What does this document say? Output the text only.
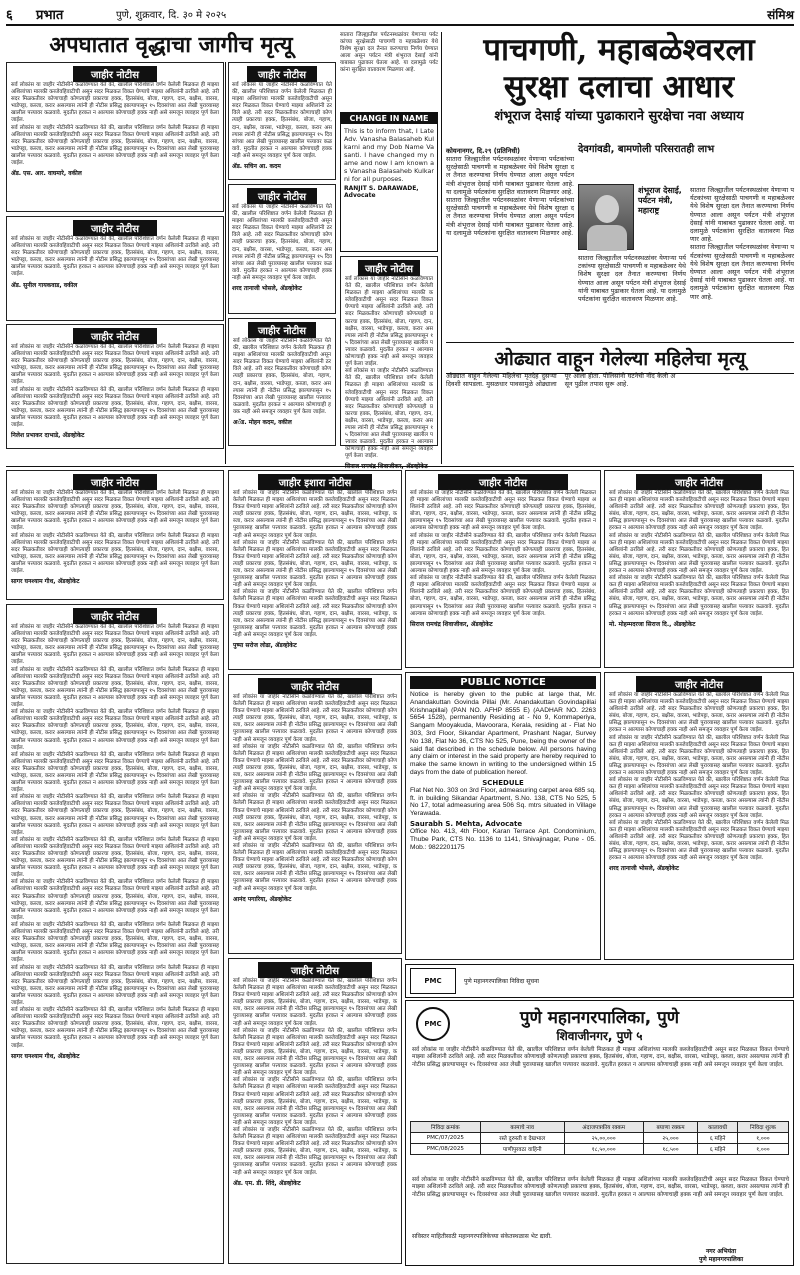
६	प्रभात	पुणे, शुक्रवार, दि. ३० मे २०२५	संमिश्र
अपघातात वृद्धाचा जागीच मृत्यू
जाहीर नोटीस
सर्व लोकांस या जाहीर नोटीसीने कळविण्यात येते की, खालील परिशिष्टात वर्णन केलेली मिळकत ही माझ्या अशिलांच्या मालकी कब्जेवहिवाटीची असून सदर मिळकत विकत घेण्याचे माझ्या अशिलांनी ठरविले आहे. तरी सदर मिळकतीवर कोणाचाही कोणत्याही प्रकारचा हक्क, हितसंबंध, बोजा, गहाण, दान, बक्षीस, वारसा, भाडेपट्टा, कब्जा, करार असल्यास त्यांनी ही नोटीस प्रसिद्ध झाल्यापासून १५ दिवसांच्या आत लेखी पुराव्यासह खालील पत्त्यावर कळवावे. मुदतीत हरकत न आल्यास कोणाचाही हक्क नाही असे समजून व्यवहार पूर्ण केला जाईल.
सर्व लोकांस या जाहीर नोटीसीने कळविण्यात येते की, खालील परिशिष्टात वर्णन केलेली मिळकत ही माझ्या अशिलांच्या मालकी कब्जेवहिवाटीची असून सदर मिळकत विकत घेण्याचे माझ्या अशिलांनी ठरविले आहे. तरी सदर मिळकतीवर कोणाचाही कोणत्याही प्रकारचा हक्क, हितसंबंध, बोजा, गहाण, दान, बक्षीस, वारसा, भाडेपट्टा, कब्जा, करार असल्यास त्यांनी ही नोटीस प्रसिद्ध झाल्यापासून १५ दिवसांच्या आत लेखी पुराव्यासह खालील पत्त्यावर कळवावे. मुदतीत हरकत न आल्यास कोणाचाही हक्क नाही असे समजून व्यवहार पूर्ण केला जाईल.
ॲड. एस. आर. वाघमारे, वकील
जाहीर नोटीस
सर्व लोकांस या जाहीर नोटीसीने कळविण्यात येते की, खालील परिशिष्टात वर्णन केलेली मिळकत ही माझ्या अशिलांच्या मालकी कब्जेवहिवाटीची असून सदर मिळकत विकत घेण्याचे माझ्या अशिलांनी ठरविले आहे. तरी सदर मिळकतीवर कोणाचाही कोणत्याही प्रकारचा हक्क, हितसंबंध, बोजा, गहाण, दान, बक्षीस, वारसा, भाडेपट्टा, कब्जा, करार असल्यास त्यांनी ही नोटीस प्रसिद्ध झाल्यापासून १५ दिवसांच्या आत लेखी पुराव्यासह खालील पत्त्यावर कळवावे. मुदतीत हरकत न आल्यास कोणाचाही हक्क नाही असे समजून व्यवहार पूर्ण केला जाईल.
ॲड. सुनील गायकवाड, वकील
जाहीर नोटीस
सर्व लोकांस या जाहीर नोटीसीने कळविण्यात येते की, खालील परिशिष्टात वर्णन केलेली मिळकत ही माझ्या अशिलांच्या मालकी कब्जेवहिवाटीची असून सदर मिळकत विकत घेण्याचे माझ्या अशिलांनी ठरविले आहे. तरी सदर मिळकतीवर कोणाचाही कोणत्याही प्रकारचा हक्क, हितसंबंध, बोजा, गहाण, दान, बक्षीस, वारसा, भाडेपट्टा, कब्जा, करार असल्यास त्यांनी ही नोटीस प्रसिद्ध झाल्यापासून १५ दिवसांच्या आत लेखी पुराव्यासह खालील पत्त्यावर कळवावे. मुदतीत हरकत न आल्यास कोणाचाही हक्क नाही असे समजून व्यवहार पूर्ण केला जाईल.
सर्व लोकांस या जाहीर नोटीसीने कळविण्यात येते की, खालील परिशिष्टात वर्णन केलेली मिळकत ही माझ्या अशिलांच्या मालकी कब्जेवहिवाटीची असून सदर मिळकत विकत घेण्याचे माझ्या अशिलांनी ठरविले आहे. तरी सदर मिळकतीवर कोणाचाही कोणत्याही प्रकारचा हक्क, हितसंबंध, बोजा, गहाण, दान, बक्षीस, वारसा, भाडेपट्टा, कब्जा, करार असल्यास त्यांनी ही नोटीस प्रसिद्ध झाल्यापासून १५ दिवसांच्या आत लेखी पुराव्यासह खालील पत्त्यावर कळवावे. मुदतीत हरकत न आल्यास कोणाचाही हक्क नाही असे समजून व्यवहार पूर्ण केला जाईल.
निलेश प्रभाकर दाभाडे, ॲडव्होकेट
जाहीर नोटीस
सर्व लोकांस या जाहीर नोटीसीने कळविण्यात येते की, खालील परिशिष्टात वर्णन केलेली मिळकत ही माझ्या अशिलांच्या मालकी कब्जेवहिवाटीची असून सदर मिळकत विकत घेण्याचे माझ्या अशिलांनी ठरविले आहे. तरी सदर मिळकतीवर कोणाचाही कोणत्याही प्रकारचा हक्क, हितसंबंध, बोजा, गहाण, दान, बक्षीस, वारसा, भाडेपट्टा, कब्जा, करार असल्यास त्यांनी ही नोटीस प्रसिद्ध झाल्यापासून १५ दिवसांच्या आत लेखी पुराव्यासह खालील पत्त्यावर कळवावे. मुदतीत हरकत न आल्यास कोणाचाही हक्क नाही असे समजून व्यवहार पूर्ण केला जाईल.
ॲड. सचिन आ. कदम
जाहीर नोटीस
सर्व लोकांस या जाहीर नोटीसीने कळविण्यात येते की, खालील परिशिष्टात वर्णन केलेली मिळकत ही माझ्या अशिलांच्या मालकी कब्जेवहिवाटीची असून सदर मिळकत विकत घेण्याचे माझ्या अशिलांनी ठरविले आहे. तरी सदर मिळकतीवर कोणाचाही कोणत्याही प्रकारचा हक्क, हितसंबंध, बोजा, गहाण, दान, बक्षीस, वारसा, भाडेपट्टा, कब्जा, करार असल्यास त्यांनी ही नोटीस प्रसिद्ध झाल्यापासून १५ दिवसांच्या आत लेखी पुराव्यासह खालील पत्त्यावर कळवावे. मुदतीत हरकत न आल्यास कोणाचाही हक्क नाही असे समजून व्यवहार पूर्ण केला जाईल.
शरद तानाजी भोसले, ॲडव्होकेट
सातारा जिल्ह्यातील पर्यटनस्थळांवर येणाऱ्या पर्यटकांच्या सुरक्षेसाठी पाचगणी व महाबळेश्वर येथे विशेष सुरक्षा दल तैनात करण्याचा निर्णय घेण्यात आला असून पर्यटन मंत्री शंभूराज देसाई यांनी याबाबत पुढाकार घेतला आहे. या दलामुळे पर्यटकांना सुरक्षित वातावरण मिळणार आहे.
CHANGE IN NAME
This is to inform that, I Late Adv. Vanasha Balasaheb Kulkarni and my Dob Name Vasanti. I have changed my name and now I am known as Vanasha Balasaheb Kulkarni for all purposes.
RANJIT S. DARAWADE, Advocate
जाहीर नोटीस
सर्व लोकांस या जाहीर नोटीसीने कळविण्यात येते की, खालील परिशिष्टात वर्णन केलेली मिळकत ही माझ्या अशिलांच्या मालकी कब्जेवहिवाटीची असून सदर मिळकत विकत घेण्याचे माझ्या अशिलांनी ठरविले आहे. तरी सदर मिळकतीवर कोणाचाही कोणत्याही प्रकारचा हक्क, हितसंबंध, बोजा, गहाण, दान, बक्षीस, वारसा, भाडेपट्टा, कब्जा, करार असल्यास त्यांनी ही नोटीस प्रसिद्ध झाल्यापासून १५ दिवसांच्या आत लेखी पुराव्यासह खालील पत्त्यावर कळवावे. मुदतीत हरकत न आल्यास कोणाचाही हक्क नाही असे समजून व्यवहार पूर्ण केला जाईल.
सर्व लोकांस या जाहीर नोटीसीने कळविण्यात येते की, खालील परिशिष्टात वर्णन केलेली मिळकत ही माझ्या अशिलांच्या मालकी कब्जेवहिवाटीची असून सदर मिळकत विकत घेण्याचे माझ्या अशिलांनी ठरविले आहे. तरी सदर मिळकतीवर कोणाचाही कोणत्याही प्रकारचा हक्क, हितसंबंध, बोजा, गहाण, दान, बक्षीस, वारसा, भाडेपट्टा, कब्जा, करार असल्यास त्यांनी ही नोटीस प्रसिद्ध झाल्यापासून १५ दिवसांच्या आत लेखी पुराव्यासह खालील पत्त्यावर कळवावे. मुदतीत हरकत न आल्यास कोणाचाही हक्क नाही असे समजून व्यवहार पूर्ण केला जाईल.
जाहीर नोटीस
सर्व लोकांस या जाहीर नोटीसीने कळविण्यात येते की, खालील परिशिष्टात वर्णन केलेली मिळकत ही माझ्या अशिलांच्या मालकी कब्जेवहिवाटीची असून सदर मिळकत विकत घेण्याचे माझ्या अशिलांनी ठरविले आहे. तरी सदर मिळकतीवर कोणाचाही कोणत्याही प्रकारचा हक्क, हितसंबंध, बोजा, गहाण, दान, बक्षीस, वारसा, भाडेपट्टा, कब्जा, करार असल्यास त्यांनी ही नोटीस प्रसिद्ध झाल्यापासून १५ दिवसांच्या आत लेखी पुराव्यासह खालील पत्त्यावर कळवावे. मुदतीत हरकत न आल्यास कोणाचाही हक्क नाही असे समजून व्यवहार पूर्ण केला जाईल.
अॅड. मोहन कदम, वकील
पाचगणी, महाबळेश्वरला
सुरक्षा दलाचा आधार
शंभूराज देसाई यांच्या पुढाकाराने सुरक्षेचा नवा अध्याय
कोयनानगर, दि.२९ (प्रतिनिधी)
सातारा जिल्ह्यातील पर्यटनस्थळांवर येणाऱ्या पर्यटकांच्या सुरक्षेसाठी पाचगणी व महाबळेश्वर येथे विशेष सुरक्षा दल तैनात करण्याचा निर्णय घेण्यात आला असून पर्यटन मंत्री शंभूराज देसाई यांनी याबाबत पुढाकार घेतला आहे. या दलामुळे पर्यटकांना सुरक्षित वातावरण मिळणार आहे.
सातारा जिल्ह्यातील पर्यटनस्थळांवर येणाऱ्या पर्यटकांच्या सुरक्षेसाठी पाचगणी व महाबळेश्वर येथे विशेष सुरक्षा दल तैनात करण्याचा निर्णय घेण्यात आला असून पर्यटन मंत्री शंभूराज देसाई यांनी याबाबत पुढाकार घेतला आहे. या दलामुळे पर्यटकांना सुरक्षित वातावरण मिळणार आहे.
देवगांवडी, बामणोली परिसरातही लाभ
शंभूराज देसाई, पर्यटन मंत्री, महाराष्ट्र
सातारा जिल्ह्यातील पर्यटनस्थळांवर येणाऱ्या पर्यटकांच्या सुरक्षेसाठी पाचगणी व महाबळेश्वर येथे विशेष सुरक्षा दल तैनात करण्याचा निर्णय घेण्यात आला असून पर्यटन मंत्री शंभूराज देसाई यांनी याबाबत पुढाकार घेतला आहे. या दलामुळे पर्यटकांना सुरक्षित वातावरण मिळणार आहे.
सातारा जिल्ह्यातील पर्यटनस्थळांवर येणाऱ्या पर्यटकांच्या सुरक्षेसाठी पाचगणी व महाबळेश्वर येथे विशेष सुरक्षा दल तैनात करण्याचा निर्णय घेण्यात आला असून पर्यटन मंत्री शंभूराज देसाई यांनी याबाबत पुढाकार घेतला आहे. या दलामुळे पर्यटकांना सुरक्षित वातावरण मिळणार आहे.
सातारा जिल्ह्यातील पर्यटनस्थळांवर येणाऱ्या पर्यटकांच्या सुरक्षेसाठी पाचगणी व महाबळेश्वर येथे विशेष सुरक्षा दल तैनात करण्याचा निर्णय घेण्यात आला असून पर्यटन मंत्री शंभूराज देसाई यांनी याबाबत पुढाकार घेतला आहे. या दलामुळे पर्यटकांना सुरक्षित वातावरण मिळणार आहे.
ओढ्यात वाहून गेलेल्या महिलेचा मृत्यू
ओढ्यात वाहून गेलेल्या महिलेचा मृतदेह दुसऱ्या दिवशी सापडला. मुसळधार पावसामुळे ओढ्याला पूर आला होता. पोलिसांनी घटनेची नोंद केली असून पुढील तपास सुरू आहे.
जाहीर नोटीस
सर्व लोकांस या जाहीर नोटीसीने कळविण्यात येते की, खालील परिशिष्टात वर्णन केलेली मिळकत ही माझ्या अशिलांच्या मालकी कब्जेवहिवाटीची असून सदर मिळकत विकत घेण्याचे माझ्या अशिलांनी ठरविले आहे. तरी सदर मिळकतीवर कोणाचाही कोणत्याही प्रकारचा हक्क, हितसंबंध, बोजा, गहाण, दान, बक्षीस, वारसा, भाडेपट्टा, कब्जा, करार असल्यास त्यांनी ही नोटीस प्रसिद्ध झाल्यापासून १५ दिवसांच्या आत लेखी पुराव्यासह खालील पत्त्यावर कळवावे. मुदतीत हरकत न आल्यास कोणाचाही हक्क नाही असे समजून व्यवहार पूर्ण केला जाईल.
सर्व लोकांस या जाहीर नोटीसीने कळविण्यात येते की, खालील परिशिष्टात वर्णन केलेली मिळकत ही माझ्या अशिलांच्या मालकी कब्जेवहिवाटीची असून सदर मिळकत विकत घेण्याचे माझ्या अशिलांनी ठरविले आहे. तरी सदर मिळकतीवर कोणाचाही कोणत्याही प्रकारचा हक्क, हितसंबंध, बोजा, गहाण, दान, बक्षीस, वारसा, भाडेपट्टा, कब्जा, करार असल्यास त्यांनी ही नोटीस प्रसिद्ध झाल्यापासून १५ दिवसांच्या आत लेखी पुराव्यासह खालील पत्त्यावर कळवावे. मुदतीत हरकत न आल्यास कोणाचाही हक्क नाही असे समजून व्यवहार पूर्ण केला जाईल.
सागर घनश्याम गीध, ॲडव्होकेट
जाहीर नोटीस
सर्व लोकांस या जाहीर नोटीसीने कळविण्यात येते की, खालील परिशिष्टात वर्णन केलेली मिळकत ही माझ्या अशिलांच्या मालकी कब्जेवहिवाटीची असून सदर मिळकत विकत घेण्याचे माझ्या अशिलांनी ठरविले आहे. तरी सदर मिळकतीवर कोणाचाही कोणत्याही प्रकारचा हक्क, हितसंबंध, बोजा, गहाण, दान, बक्षीस, वारसा, भाडेपट्टा, कब्जा, करार असल्यास त्यांनी ही नोटीस प्रसिद्ध झाल्यापासून १५ दिवसांच्या आत लेखी पुराव्यासह खालील पत्त्यावर कळवावे. मुदतीत हरकत न आल्यास कोणाचाही हक्क नाही असे समजून व्यवहार पूर्ण केला जाईल.
सर्व लोकांस या जाहीर नोटीसीने कळविण्यात येते की, खालील परिशिष्टात वर्णन केलेली मिळकत ही माझ्या अशिलांच्या मालकी कब्जेवहिवाटीची असून सदर मिळकत विकत घेण्याचे माझ्या अशिलांनी ठरविले आहे. तरी सदर मिळकतीवर कोणाचाही कोणत्याही प्रकारचा हक्क, हितसंबंध, बोजा, गहाण, दान, बक्षीस, वारसा, भाडेपट्टा, कब्जा, करार असल्यास त्यांनी ही नोटीस प्रसिद्ध झाल्यापासून १५ दिवसांच्या आत लेखी पुराव्यासह खालील पत्त्यावर कळवावे. मुदतीत हरकत न आल्यास कोणाचाही हक्क नाही असे समजून व्यवहार पूर्ण केला जाईल.
सर्व लोकांस या जाहीर नोटीसीने कळविण्यात येते की, खालील परिशिष्टात वर्णन केलेली मिळकत ही माझ्या अशिलांच्या मालकी कब्जेवहिवाटीची असून सदर मिळकत विकत घेण्याचे माझ्या अशिलांनी ठरविले आहे. तरी सदर मिळकतीवर कोणाचाही कोणत्याही प्रकारचा हक्क, हितसंबंध, बोजा, गहाण, दान, बक्षीस, वारसा, भाडेपट्टा, कब्जा, करार असल्यास त्यांनी ही नोटीस प्रसिद्ध झाल्यापासून १५ दिवसांच्या आत लेखी पुराव्यासह खालील पत्त्यावर कळवावे. मुदतीत हरकत न आल्यास कोणाचाही हक्क नाही असे समजून व्यवहार पूर्ण केला जाईल.
सर्व लोकांस या जाहीर नोटीसीने कळविण्यात येते की, खालील परिशिष्टात वर्णन केलेली मिळकत ही माझ्या अशिलांच्या मालकी कब्जेवहिवाटीची असून सदर मिळकत विकत घेण्याचे माझ्या अशिलांनी ठरविले आहे. तरी सदर मिळकतीवर कोणाचाही कोणत्याही प्रकारचा हक्क, हितसंबंध, बोजा, गहाण, दान, बक्षीस, वारसा, भाडेपट्टा, कब्जा, करार असल्यास त्यांनी ही नोटीस प्रसिद्ध झाल्यापासून १५ दिवसांच्या आत लेखी पुराव्यासह खालील पत्त्यावर कळवावे. मुदतीत हरकत न आल्यास कोणाचाही हक्क नाही असे समजून व्यवहार पूर्ण केला जाईल.
सर्व लोकांस या जाहीर नोटीसीने कळविण्यात येते की, खालील परिशिष्टात वर्णन केलेली मिळकत ही माझ्या अशिलांच्या मालकी कब्जेवहिवाटीची असून सदर मिळकत विकत घेण्याचे माझ्या अशिलांनी ठरविले आहे. तरी सदर मिळकतीवर कोणाचाही कोणत्याही प्रकारचा हक्क, हितसंबंध, बोजा, गहाण, दान, बक्षीस, वारसा, भाडेपट्टा, कब्जा, करार असल्यास त्यांनी ही नोटीस प्रसिद्ध झाल्यापासून १५ दिवसांच्या आत लेखी पुराव्यासह खालील पत्त्यावर कळवावे. मुदतीत हरकत न आल्यास कोणाचाही हक्क नाही असे समजून व्यवहार पूर्ण केला जाईल.
सर्व लोकांस या जाहीर नोटीसीने कळविण्यात येते की, खालील परिशिष्टात वर्णन केलेली मिळकत ही माझ्या अशिलांच्या मालकी कब्जेवहिवाटीची असून सदर मिळकत विकत घेण्याचे माझ्या अशिलांनी ठरविले आहे. तरी सदर मिळकतीवर कोणाचाही कोणत्याही प्रकारचा हक्क, हितसंबंध, बोजा, गहाण, दान, बक्षीस, वारसा, भाडेपट्टा, कब्जा, करार असल्यास त्यांनी ही नोटीस प्रसिद्ध झाल्यापासून १५ दिवसांच्या आत लेखी पुराव्यासह खालील पत्त्यावर कळवावे. मुदतीत हरकत न आल्यास कोणाचाही हक्क नाही असे समजून व्यवहार पूर्ण केला जाईल.
सर्व लोकांस या जाहीर नोटीसीने कळविण्यात येते की, खालील परिशिष्टात वर्णन केलेली मिळकत ही माझ्या अशिलांच्या मालकी कब्जेवहिवाटीची असून सदर मिळकत विकत घेण्याचे माझ्या अशिलांनी ठरविले आहे. तरी सदर मिळकतीवर कोणाचाही कोणत्याही प्रकारचा हक्क, हितसंबंध, बोजा, गहाण, दान, बक्षीस, वारसा, भाडेपट्टा, कब्जा, करार असल्यास त्यांनी ही नोटीस प्रसिद्ध झाल्यापासून १५ दिवसांच्या आत लेखी पुराव्यासह खालील पत्त्यावर कळवावे. मुदतीत हरकत न आल्यास कोणाचाही हक्क नाही असे समजून व्यवहार पूर्ण केला जाईल.
सर्व लोकांस या जाहीर नोटीसीने कळविण्यात येते की, खालील परिशिष्टात वर्णन केलेली मिळकत ही माझ्या अशिलांच्या मालकी कब्जेवहिवाटीची असून सदर मिळकत विकत घेण्याचे माझ्या अशिलांनी ठरविले आहे. तरी सदर मिळकतीवर कोणाचाही कोणत्याही प्रकारचा हक्क, हितसंबंध, बोजा, गहाण, दान, बक्षीस, वारसा, भाडेपट्टा, कब्जा, करार असल्यास त्यांनी ही नोटीस प्रसिद्ध झाल्यापासून १५ दिवसांच्या आत लेखी पुराव्यासह खालील पत्त्यावर कळवावे. मुदतीत हरकत न आल्यास कोणाचाही हक्क नाही असे समजून व्यवहार पूर्ण केला जाईल.
सर्व लोकांस या जाहीर नोटीसीने कळविण्यात येते की, खालील परिशिष्टात वर्णन केलेली मिळकत ही माझ्या अशिलांच्या मालकी कब्जेवहिवाटीची असून सदर मिळकत विकत घेण्याचे माझ्या अशिलांनी ठरविले आहे. तरी सदर मिळकतीवर कोणाचाही कोणत्याही प्रकारचा हक्क, हितसंबंध, बोजा, गहाण, दान, बक्षीस, वारसा, भाडेपट्टा, कब्जा, करार असल्यास त्यांनी ही नोटीस प्रसिद्ध झाल्यापासून १५ दिवसांच्या आत लेखी पुराव्यासह खालील पत्त्यावर कळवावे. मुदतीत हरकत न आल्यास कोणाचाही हक्क नाही असे समजून व्यवहार पूर्ण केला जाईल.
सर्व लोकांस या जाहीर नोटीसीने कळविण्यात येते की, खालील परिशिष्टात वर्णन केलेली मिळकत ही माझ्या अशिलांच्या मालकी कब्जेवहिवाटीची असून सदर मिळकत विकत घेण्याचे माझ्या अशिलांनी ठरविले आहे. तरी सदर मिळकतीवर कोणाचाही कोणत्याही प्रकारचा हक्क, हितसंबंध, बोजा, गहाण, दान, बक्षीस, वारसा, भाडेपट्टा, कब्जा, करार असल्यास त्यांनी ही नोटीस प्रसिद्ध झाल्यापासून १५ दिवसांच्या आत लेखी पुराव्यासह खालील पत्त्यावर कळवावे. मुदतीत हरकत न आल्यास कोणाचाही हक्क नाही असे समजून व्यवहार पूर्ण केला जाईल.
सागर घनश्याम गीध, ॲडव्होकेट
जाहीर इशारा नोटीस
सर्व लोकांस या जाहीर नोटीसीने कळविण्यात येते की, खालील परिशिष्टात वर्णन केलेली मिळकत ही माझ्या अशिलांच्या मालकी कब्जेवहिवाटीची असून सदर मिळकत विकत घेण्याचे माझ्या अशिलांनी ठरविले आहे. तरी सदर मिळकतीवर कोणाचाही कोणत्याही प्रकारचा हक्क, हितसंबंध, बोजा, गहाण, दान, बक्षीस, वारसा, भाडेपट्टा, कब्जा, करार असल्यास त्यांनी ही नोटीस प्रसिद्ध झाल्यापासून १५ दिवसांच्या आत लेखी पुराव्यासह खालील पत्त्यावर कळवावे. मुदतीत हरकत न आल्यास कोणाचाही हक्क नाही असे समजून व्यवहार पूर्ण केला जाईल.
सर्व लोकांस या जाहीर नोटीसीने कळविण्यात येते की, खालील परिशिष्टात वर्णन केलेली मिळकत ही माझ्या अशिलांच्या मालकी कब्जेवहिवाटीची असून सदर मिळकत विकत घेण्याचे माझ्या अशिलांनी ठरविले आहे. तरी सदर मिळकतीवर कोणाचाही कोणत्याही प्रकारचा हक्क, हितसंबंध, बोजा, गहाण, दान, बक्षीस, वारसा, भाडेपट्टा, कब्जा, करार असल्यास त्यांनी ही नोटीस प्रसिद्ध झाल्यापासून १५ दिवसांच्या आत लेखी पुराव्यासह खालील पत्त्यावर कळवावे. मुदतीत हरकत न आल्यास कोणाचाही हक्क नाही असे समजून व्यवहार पूर्ण केला जाईल.
सर्व लोकांस या जाहीर नोटीसीने कळविण्यात येते की, खालील परिशिष्टात वर्णन केलेली मिळकत ही माझ्या अशिलांच्या मालकी कब्जेवहिवाटीची असून सदर मिळकत विकत घेण्याचे माझ्या अशिलांनी ठरविले आहे. तरी सदर मिळकतीवर कोणाचाही कोणत्याही प्रकारचा हक्क, हितसंबंध, बोजा, गहाण, दान, बक्षीस, वारसा, भाडेपट्टा, कब्जा, करार असल्यास त्यांनी ही नोटीस प्रसिद्ध झाल्यापासून १५ दिवसांच्या आत लेखी पुराव्यासह खालील पत्त्यावर कळवावे. मुदतीत हरकत न आल्यास कोणाचाही हक्क नाही असे समजून व्यवहार पूर्ण केला जाईल.
पुष्पा सरोज लोढा, ॲडव्होकेट
जाहीर नोटीस
सर्व लोकांस या जाहीर नोटीसीने कळविण्यात येते की, खालील परिशिष्टात वर्णन केलेली मिळकत ही माझ्या अशिलांच्या मालकी कब्जेवहिवाटीची असून सदर मिळकत विकत घेण्याचे माझ्या अशिलांनी ठरविले आहे. तरी सदर मिळकतीवर कोणाचाही कोणत्याही प्रकारचा हक्क, हितसंबंध, बोजा, गहाण, दान, बक्षीस, वारसा, भाडेपट्टा, कब्जा, करार असल्यास त्यांनी ही नोटीस प्रसिद्ध झाल्यापासून १५ दिवसांच्या आत लेखी पुराव्यासह खालील पत्त्यावर कळवावे. मुदतीत हरकत न आल्यास कोणाचाही हक्क नाही असे समजून व्यवहार पूर्ण केला जाईल.
सर्व लोकांस या जाहीर नोटीसीने कळविण्यात येते की, खालील परिशिष्टात वर्णन केलेली मिळकत ही माझ्या अशिलांच्या मालकी कब्जेवहिवाटीची असून सदर मिळकत विकत घेण्याचे माझ्या अशिलांनी ठरविले आहे. तरी सदर मिळकतीवर कोणाचाही कोणत्याही प्रकारचा हक्क, हितसंबंध, बोजा, गहाण, दान, बक्षीस, वारसा, भाडेपट्टा, कब्जा, करार असल्यास त्यांनी ही नोटीस प्रसिद्ध झाल्यापासून १५ दिवसांच्या आत लेखी पुराव्यासह खालील पत्त्यावर कळवावे. मुदतीत हरकत न आल्यास कोणाचाही हक्क नाही असे समजून व्यवहार पूर्ण केला जाईल.
सर्व लोकांस या जाहीर नोटीसीने कळविण्यात येते की, खालील परिशिष्टात वर्णन केलेली मिळकत ही माझ्या अशिलांच्या मालकी कब्जेवहिवाटीची असून सदर मिळकत विकत घेण्याचे माझ्या अशिलांनी ठरविले आहे. तरी सदर मिळकतीवर कोणाचाही कोणत्याही प्रकारचा हक्क, हितसंबंध, बोजा, गहाण, दान, बक्षीस, वारसा, भाडेपट्टा, कब्जा, करार असल्यास त्यांनी ही नोटीस प्रसिद्ध झाल्यापासून १५ दिवसांच्या आत लेखी पुराव्यासह खालील पत्त्यावर कळवावे. मुदतीत हरकत न आल्यास कोणाचाही हक्क नाही असे समजून व्यवहार पूर्ण केला जाईल.
सर्व लोकांस या जाहीर नोटीसीने कळविण्यात येते की, खालील परिशिष्टात वर्णन केलेली मिळकत ही माझ्या अशिलांच्या मालकी कब्जेवहिवाटीची असून सदर मिळकत विकत घेण्याचे माझ्या अशिलांनी ठरविले आहे. तरी सदर मिळकतीवर कोणाचाही कोणत्याही प्रकारचा हक्क, हितसंबंध, बोजा, गहाण, दान, बक्षीस, वारसा, भाडेपट्टा, कब्जा, करार असल्यास त्यांनी ही नोटीस प्रसिद्ध झाल्यापासून १५ दिवसांच्या आत लेखी पुराव्यासह खालील पत्त्यावर कळवावे. मुदतीत हरकत न आल्यास कोणाचाही हक्क नाही असे समजून व्यवहार पूर्ण केला जाईल.
आनंद पगारिया, ॲडव्होकेट
जाहीर नोटीस
सर्व लोकांस या जाहीर नोटीसीने कळविण्यात येते की, खालील परिशिष्टात वर्णन केलेली मिळकत ही माझ्या अशिलांच्या मालकी कब्जेवहिवाटीची असून सदर मिळकत विकत घेण्याचे माझ्या अशिलांनी ठरविले आहे. तरी सदर मिळकतीवर कोणाचाही कोणत्याही प्रकारचा हक्क, हितसंबंध, बोजा, गहाण, दान, बक्षीस, वारसा, भाडेपट्टा, कब्जा, करार असल्यास त्यांनी ही नोटीस प्रसिद्ध झाल्यापासून १५ दिवसांच्या आत लेखी पुराव्यासह खालील पत्त्यावर कळवावे. मुदतीत हरकत न आल्यास कोणाचाही हक्क नाही असे समजून व्यवहार पूर्ण केला जाईल.
सर्व लोकांस या जाहीर नोटीसीने कळविण्यात येते की, खालील परिशिष्टात वर्णन केलेली मिळकत ही माझ्या अशिलांच्या मालकी कब्जेवहिवाटीची असून सदर मिळकत विकत घेण्याचे माझ्या अशिलांनी ठरविले आहे. तरी सदर मिळकतीवर कोणाचाही कोणत्याही प्रकारचा हक्क, हितसंबंध, बोजा, गहाण, दान, बक्षीस, वारसा, भाडेपट्टा, कब्जा, करार असल्यास त्यांनी ही नोटीस प्रसिद्ध झाल्यापासून १५ दिवसांच्या आत लेखी पुराव्यासह खालील पत्त्यावर कळवावे. मुदतीत हरकत न आल्यास कोणाचाही हक्क नाही असे समजून व्यवहार पूर्ण केला जाईल.
सर्व लोकांस या जाहीर नोटीसीने कळविण्यात येते की, खालील परिशिष्टात वर्णन केलेली मिळकत ही माझ्या अशिलांच्या मालकी कब्जेवहिवाटीची असून सदर मिळकत विकत घेण्याचे माझ्या अशिलांनी ठरविले आहे. तरी सदर मिळकतीवर कोणाचाही कोणत्याही प्रकारचा हक्क, हितसंबंध, बोजा, गहाण, दान, बक्षीस, वारसा, भाडेपट्टा, कब्जा, करार असल्यास त्यांनी ही नोटीस प्रसिद्ध झाल्यापासून १५ दिवसांच्या आत लेखी पुराव्यासह खालील पत्त्यावर कळवावे. मुदतीत हरकत न आल्यास कोणाचाही हक्क नाही असे समजून व्यवहार पूर्ण केला जाईल.
सर्व लोकांस या जाहीर नोटीसीने कळविण्यात येते की, खालील परिशिष्टात वर्णन केलेली मिळकत ही माझ्या अशिलांच्या मालकी कब्जेवहिवाटीची असून सदर मिळकत विकत घेण्याचे माझ्या अशिलांनी ठरविले आहे. तरी सदर मिळकतीवर कोणाचाही कोणत्याही प्रकारचा हक्क, हितसंबंध, बोजा, गहाण, दान, बक्षीस, वारसा, भाडेपट्टा, कब्जा, करार असल्यास त्यांनी ही नोटीस प्रसिद्ध झाल्यापासून १५ दिवसांच्या आत लेखी पुराव्यासह खालील पत्त्यावर कळवावे. मुदतीत हरकत न आल्यास कोणाचाही हक्क नाही असे समजून व्यवहार पूर्ण केला जाईल.
ॲड. एम. डी. शिंदे, ॲडव्होकेट
जाहीर नोटीस
सर्व लोकांस या जाहीर नोटीसीने कळविण्यात येते की, खालील परिशिष्टात वर्णन केलेली मिळकत ही माझ्या अशिलांच्या मालकी कब्जेवहिवाटीची असून सदर मिळकत विकत घेण्याचे माझ्या अशिलांनी ठरविले आहे. तरी सदर मिळकतीवर कोणाचाही कोणत्याही प्रकारचा हक्क, हितसंबंध, बोजा, गहाण, दान, बक्षीस, वारसा, भाडेपट्टा, कब्जा, करार असल्यास त्यांनी ही नोटीस प्रसिद्ध झाल्यापासून १५ दिवसांच्या आत लेखी पुराव्यासह खालील पत्त्यावर कळवावे. मुदतीत हरकत न आल्यास कोणाचाही हक्क नाही असे समजून व्यवहार पूर्ण केला जाईल.
सर्व लोकांस या जाहीर नोटीसीने कळविण्यात येते की, खालील परिशिष्टात वर्णन केलेली मिळकत ही माझ्या अशिलांच्या मालकी कब्जेवहिवाटीची असून सदर मिळकत विकत घेण्याचे माझ्या अशिलांनी ठरविले आहे. तरी सदर मिळकतीवर कोणाचाही कोणत्याही प्रकारचा हक्क, हितसंबंध, बोजा, गहाण, दान, बक्षीस, वारसा, भाडेपट्टा, कब्जा, करार असल्यास त्यांनी ही नोटीस प्रसिद्ध झाल्यापासून १५ दिवसांच्या आत लेखी पुराव्यासह खालील पत्त्यावर कळवावे. मुदतीत हरकत न आल्यास कोणाचाही हक्क नाही असे समजून व्यवहार पूर्ण केला जाईल.
सर्व लोकांस या जाहीर नोटीसीने कळविण्यात येते की, खालील परिशिष्टात वर्णन केलेली मिळकत ही माझ्या अशिलांच्या मालकी कब्जेवहिवाटीची असून सदर मिळकत विकत घेण्याचे माझ्या अशिलांनी ठरविले आहे. तरी सदर मिळकतीवर कोणाचाही कोणत्याही प्रकारचा हक्क, हितसंबंध, बोजा, गहाण, दान, बक्षीस, वारसा, भाडेपट्टा, कब्जा, करार असल्यास त्यांनी ही नोटीस प्रसिद्ध झाल्यापासून १५ दिवसांच्या आत लेखी पुराव्यासह खालील पत्त्यावर कळवावे. मुदतीत हरकत न आल्यास कोणाचाही हक्क नाही असे समजून व्यवहार पूर्ण केला जाईल.
सिराज रामचंद्र शिवाजीकर, ॲडव्होकेट
जाहीर नोटीस
सर्व लोकांस या जाहीर नोटीसीने कळविण्यात येते की, खालील परिशिष्टात वर्णन केलेली मिळकत ही माझ्या अशिलांच्या मालकी कब्जेवहिवाटीची असून सदर मिळकत विकत घेण्याचे माझ्या अशिलांनी ठरविले आहे. तरी सदर मिळकतीवर कोणाचाही कोणत्याही प्रकारचा हक्क, हितसंबंध, बोजा, गहाण, दान, बक्षीस, वारसा, भाडेपट्टा, कब्जा, करार असल्यास त्यांनी ही नोटीस प्रसिद्ध झाल्यापासून १५ दिवसांच्या आत लेखी पुराव्यासह खालील पत्त्यावर कळवावे. मुदतीत हरकत न आल्यास कोणाचाही हक्क नाही असे समजून व्यवहार पूर्ण केला जाईल.
सर्व लोकांस या जाहीर नोटीसीने कळविण्यात येते की, खालील परिशिष्टात वर्णन केलेली मिळकत ही माझ्या अशिलांच्या मालकी कब्जेवहिवाटीची असून सदर मिळकत विकत घेण्याचे माझ्या अशिलांनी ठरविले आहे. तरी सदर मिळकतीवर कोणाचाही कोणत्याही प्रकारचा हक्क, हितसंबंध, बोजा, गहाण, दान, बक्षीस, वारसा, भाडेपट्टा, कब्जा, करार असल्यास त्यांनी ही नोटीस प्रसिद्ध झाल्यापासून १५ दिवसांच्या आत लेखी पुराव्यासह खालील पत्त्यावर कळवावे. मुदतीत हरकत न आल्यास कोणाचाही हक्क नाही असे समजून व्यवहार पूर्ण केला जाईल.
सर्व लोकांस या जाहीर नोटीसीने कळविण्यात येते की, खालील परिशिष्टात वर्णन केलेली मिळकत ही माझ्या अशिलांच्या मालकी कब्जेवहिवाटीची असून सदर मिळकत विकत घेण्याचे माझ्या अशिलांनी ठरविले आहे. तरी सदर मिळकतीवर कोणाचाही कोणत्याही प्रकारचा हक्क, हितसंबंध, बोजा, गहाण, दान, बक्षीस, वारसा, भाडेपट्टा, कब्जा, करार असल्यास त्यांनी ही नोटीस प्रसिद्ध झाल्यापासून १५ दिवसांच्या आत लेखी पुराव्यासह खालील पत्त्यावर कळवावे. मुदतीत हरकत न आल्यास कोणाचाही हक्क नाही असे समजून व्यवहार पूर्ण केला जाईल.
मो. मोहम्मदरजा सिराज दि., ॲडव्होकेट
PUBLIC NOTICE
Notice is hereby given to the public at large that, Mr. Anandakuttan Govinda Pillai (Mr. Anandakuttan Govindapillai Krishnapillai) (PAN NO. AFHP 8555 E) (AADHAR NO. 2263 5654 1528), permanently Residing at - No 9, Kommaperiya, Sangam Mooyakuda, Mavoorara, Kerala, residing at - Flat No 303, 3rd Floor, Sikandar Apartment, Prashant Nagar, Survey No 138, Flat No 36, CTS No 525, Pune, being the owner of the said flat described in the schedule below. All persons having any claim or interest in the said property are hereby required to make the same known in writing to the undersigned within 15 days from the date of publication hereof.
SCHEDULE
Flat Net No. 303 on 3rd Floor, admeasuring carpet area 685 sq. ft. in building Sikandar Apartment, S.No. 138, CTS No 525, 5 No 17, total admeasuring area 506 Sq. mtrs situated in Village Yerawada.
Saurabh S. Mehta, Advocate
Office No. 413, 4th Floor, Karan Terrace Apt. Condominium, Thube Park, CTS No. 1136 to 1141, Shivajinagar, Pune - 05. Mob.: 9822201175
जाहीर नोटीस
सर्व लोकांस या जाहीर नोटीसीने कळविण्यात येते की, खालील परिशिष्टात वर्णन केलेली मिळकत ही माझ्या अशिलांच्या मालकी कब्जेवहिवाटीची असून सदर मिळकत विकत घेण्याचे माझ्या अशिलांनी ठरविले आहे. तरी सदर मिळकतीवर कोणाचाही कोणत्याही प्रकारचा हक्क, हितसंबंध, बोजा, गहाण, दान, बक्षीस, वारसा, भाडेपट्टा, कब्जा, करार असल्यास त्यांनी ही नोटीस प्रसिद्ध झाल्यापासून १५ दिवसांच्या आत लेखी पुराव्यासह खालील पत्त्यावर कळवावे. मुदतीत हरकत न आल्यास कोणाचाही हक्क नाही असे समजून व्यवहार पूर्ण केला जाईल.
सर्व लोकांस या जाहीर नोटीसीने कळविण्यात येते की, खालील परिशिष्टात वर्णन केलेली मिळकत ही माझ्या अशिलांच्या मालकी कब्जेवहिवाटीची असून सदर मिळकत विकत घेण्याचे माझ्या अशिलांनी ठरविले आहे. तरी सदर मिळकतीवर कोणाचाही कोणत्याही प्रकारचा हक्क, हितसंबंध, बोजा, गहाण, दान, बक्षीस, वारसा, भाडेपट्टा, कब्जा, करार असल्यास त्यांनी ही नोटीस प्रसिद्ध झाल्यापासून १५ दिवसांच्या आत लेखी पुराव्यासह खालील पत्त्यावर कळवावे. मुदतीत हरकत न आल्यास कोणाचाही हक्क नाही असे समजून व्यवहार पूर्ण केला जाईल.
सर्व लोकांस या जाहीर नोटीसीने कळविण्यात येते की, खालील परिशिष्टात वर्णन केलेली मिळकत ही माझ्या अशिलांच्या मालकी कब्जेवहिवाटीची असून सदर मिळकत विकत घेण्याचे माझ्या अशिलांनी ठरविले आहे. तरी सदर मिळकतीवर कोणाचाही कोणत्याही प्रकारचा हक्क, हितसंबंध, बोजा, गहाण, दान, बक्षीस, वारसा, भाडेपट्टा, कब्जा, करार असल्यास त्यांनी ही नोटीस प्रसिद्ध झाल्यापासून १५ दिवसांच्या आत लेखी पुराव्यासह खालील पत्त्यावर कळवावे. मुदतीत हरकत न आल्यास कोणाचाही हक्क नाही असे समजून व्यवहार पूर्ण केला जाईल.
सर्व लोकांस या जाहीर नोटीसीने कळविण्यात येते की, खालील परिशिष्टात वर्णन केलेली मिळकत ही माझ्या अशिलांच्या मालकी कब्जेवहिवाटीची असून सदर मिळकत विकत घेण्याचे माझ्या अशिलांनी ठरविले आहे. तरी सदर मिळकतीवर कोणाचाही कोणत्याही प्रकारचा हक्क, हितसंबंध, बोजा, गहाण, दान, बक्षीस, वारसा, भाडेपट्टा, कब्जा, करार असल्यास त्यांनी ही नोटीस प्रसिद्ध झाल्यापासून १५ दिवसांच्या आत लेखी पुराव्यासह खालील पत्त्यावर कळवावे. मुदतीत हरकत न आल्यास कोणाचाही हक्क नाही असे समजून व्यवहार पूर्ण केला जाईल.
शरद तानाजी भोसले, ॲडव्होकेट
PMC	पुणे महानगरपालिका निविदा सूचना
PMC	पुणे महानगरपालिका, पुणे
शिवाजीनगर, पुणे ५
सर्व लोकांस या जाहीर नोटीसीने कळविण्यात येते की, खालील परिशिष्टात वर्णन केलेली मिळकत ही माझ्या अशिलांच्या मालकी कब्जेवहिवाटीची असून सदर मिळकत विकत घेण्याचे माझ्या अशिलांनी ठरविले आहे. तरी सदर मिळकतीवर कोणाचाही कोणत्याही प्रकारचा हक्क, हितसंबंध, बोजा, गहाण, दान, बक्षीस, वारसा, भाडेपट्टा, कब्जा, करार असल्यास त्यांनी ही नोटीस प्रसिद्ध झाल्यापासून १५ दिवसांच्या आत लेखी पुराव्यासह खालील पत्त्यावर कळवावे. मुदतीत हरकत न आल्यास कोणाचाही हक्क नाही असे समजून व्यवहार पूर्ण केला जाईल.
निविदा क्रमांक	कामाचे नाव	अंदाजपत्रकीय रक्कम	बयाणा रक्कम	कालावधी	निविदा शुल्क
PMC/07/2025	रस्ते दुरुस्ती व देखभाल	२५,००,०००	२५,०००	६ महिने	१,०००
PMC/08/2025	पाणीपुरवठा वाहिनी	१८,५०,०००	१८,५००	६ महिने	१,०००
सर्व लोकांस या जाहीर नोटीसीने कळविण्यात येते की, खालील परिशिष्टात वर्णन केलेली मिळकत ही माझ्या अशिलांच्या मालकी कब्जेवहिवाटीची असून सदर मिळकत विकत घेण्याचे माझ्या अशिलांनी ठरविले आहे. तरी सदर मिळकतीवर कोणाचाही कोणत्याही प्रकारचा हक्क, हितसंबंध, बोजा, गहाण, दान, बक्षीस, वारसा, भाडेपट्टा, कब्जा, करार असल्यास त्यांनी ही नोटीस प्रसिद्ध झाल्यापासून १५ दिवसांच्या आत लेखी पुराव्यासह खालील पत्त्यावर कळवावे. मुदतीत हरकत न आल्यास कोणाचाही हक्क नाही असे समजून व्यवहार पूर्ण केला जाईल.
सविस्तर माहितीसाठी महानगरपालिकेच्या संकेतस्थळास भेट द्यावी.
नगर अभियंता
पुणे महानगरपालिका
